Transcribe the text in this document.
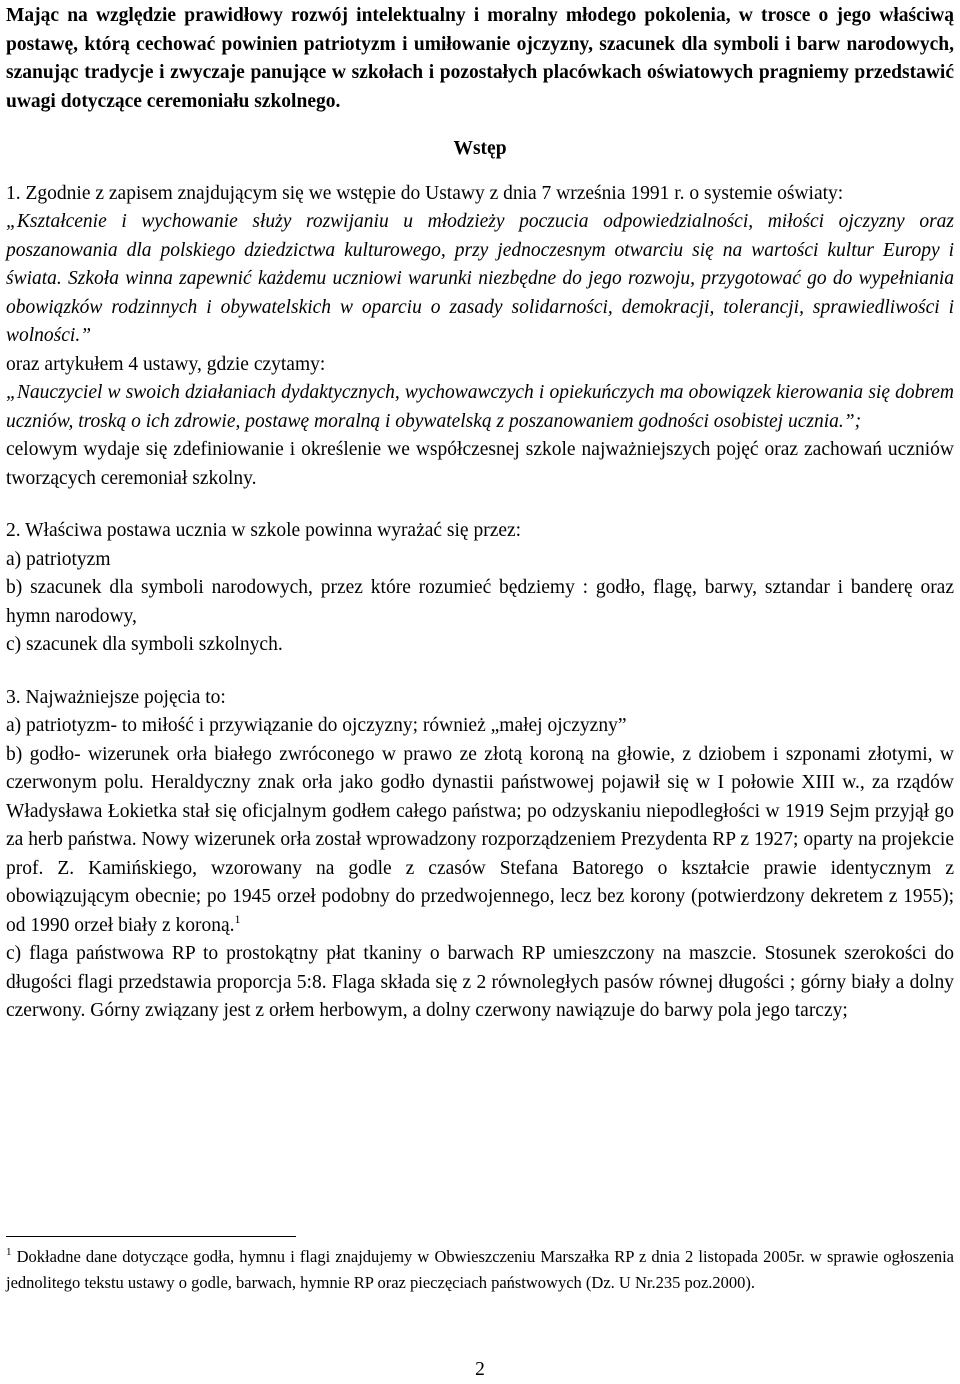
Mając na względzie prawidłowy rozwój intelektualny i moralny młodego pokolenia, w trosce o jego właściwą postawę, którą cechować powinien patriotyzm i umiłowanie ojczyzny, szacunek dla symboli i barw narodowych, szanując tradycje i zwyczaje panujące w szkołach i pozostałych placówkach oświatowych pragniemy przedstawić uwagi dotyczące ceremoniału szkolnego.

Wstęp

1. Zgodnie z zapisem znajdującym się we wstępie do Ustawy z dnia 7 września 1991 r. o systemie oświaty:

„Kształcenie i wychowanie służy rozwijaniu u młodzieży poczucia odpowiedzialności, miłości ojczyzny oraz poszanowania dla polskiego dziedzictwa kulturowego, przy jednoczesnym otwarciu się na wartości kultur Europy i świata. Szkoła winna zapewnić każdemu uczniowi warunki niezbędne do jego rozwoju, przygotować go do wypełniania obowiązków rodzinnych i obywatelskich w oparciu o zasady solidarności, demokracji, tolerancji, sprawiedliwości i wolności.”

oraz artykułem 4 ustawy, gdzie czytamy:

„Nauczyciel w swoich działaniach dydaktycznych, wychowawczych i opiekuńczych ma obowiązek kierowania się dobrem uczniów, troską o ich zdrowie, postawę moralną i obywatelską z poszanowaniem godności osobistej ucznia.”;

celowym wydaje się zdefiniowanie i określenie we współczesnej szkole najważniejszych pojęć oraz zachowań uczniów tworzących ceremoniał szkolny.

2. Właściwa postawa ucznia w szkole powinna wyrażać się przez:

a) patriotyzm

b) szacunek dla symboli narodowych, przez które rozumieć będziemy : godło, flagę, barwy, sztandar i banderę oraz hymn narodowy,

c) szacunek dla symboli szkolnych.

3. Najważniejsze pojęcia to:

a) patriotyzm- to miłość i przywiązanie do ojczyzny; również „małej ojczyzny”

b) godło- wizerunek orła białego zwróconego w prawo ze złotą koroną na głowie, z dziobem i szponami złotymi, w czerwonym polu. Heraldyczny znak orła jako godło dynastii państwowej pojawił się w I połowie XIII w., za rządów Władysława Łokietka stał się oficjalnym godłem całego państwa; po odzyskaniu niepodległości w 1919 Sejm przyjął go za herb państwa. Nowy wizerunek orła został wprowadzony rozporządzeniem Prezydenta RP z 1927; oparty na projekcie prof. Z. Kamińskiego, wzorowany na godle z czasów Stefana Batorego o kształcie prawie identycznym z obowiązującym obecnie; po 1945 orzeł podobny do przedwojennego, lecz bez korony (potwierdzony dekretem z 1955); od 1990 orzeł biały z koroną.$^1$

c) flaga państwowa RP to prostokątny płat tkaniny o barwach RP umieszczony na maszcie. Stosunek szerokości do długości flagi przedstawia proporcja 5:8. Flaga składa się z 2 równoległych pasów równej długości ; górny biały a dolny czerwony. Górny związany jest z orłem herbowym, a dolny czerwony nawiązuje do barwy pola jego tarczy;

$^1$ Dokładne dane dotyczące godła, hymnu i flagi znajdujemy w Obwieszczeniu Marszałka RP z dnia 2 listopada 2005r. w sprawie ogłoszenia jednolitego tekstu ustawy o godle, barwach, hymnie RP oraz pieczęciach państwowych (Dz. U Nr.235 poz.2000).

2
